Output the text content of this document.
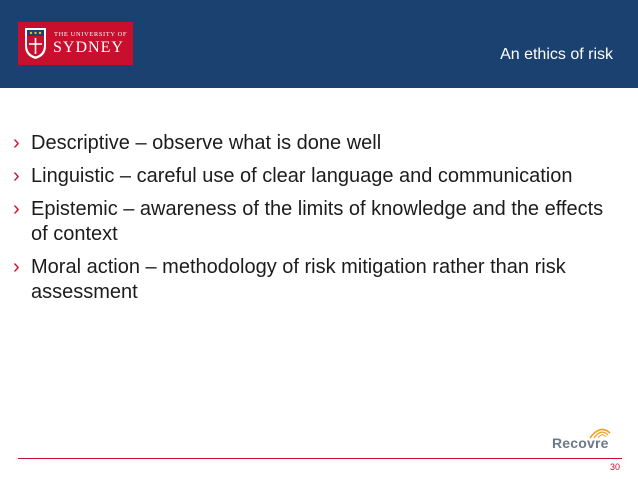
THE UNIVERSITY OF
SYDNEY	An ethics of risk
› Descriptive – observe what is done well
› Linguistic – careful use of clear language and communication
› Epistemic – awareness of the limits of knowledge and the effects of context
› Moral action – methodology of risk mitigation rather than risk assessment
Recovre
30
